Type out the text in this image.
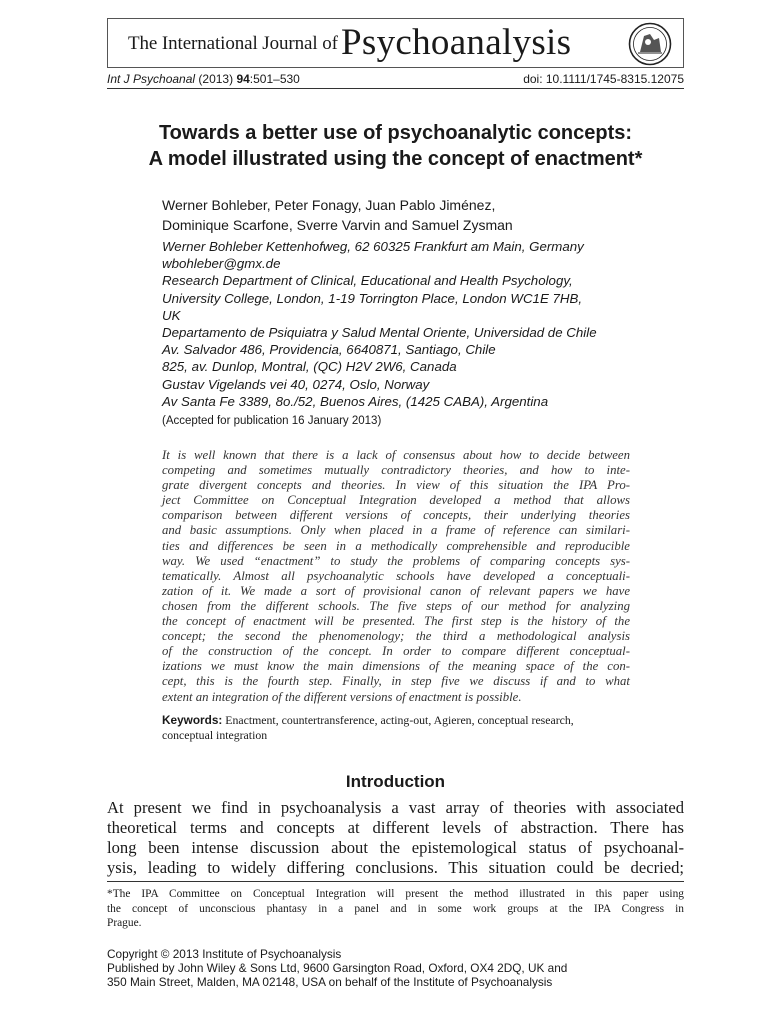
The International Journal of Psychoanalysis
Int J Psychoanal (2013) 94:501–530	doi: 10.1111/1745-8315.12075
Towards a better use of psychoanalytic concepts:
A model illustrated using the concept of enactment*
Werner Bohleber, Peter Fonagy, Juan Pablo Jiménez,
Dominique Scarfone, Sverre Varvin and Samuel Zysman
Werner Bohleber Kettenhofweg, 62 60325 Frankfurt am Main, Germany
wbohleber@gmx.de
Research Department of Clinical, Educational and Health Psychology,
University College, London, 1-19 Torrington Place, London WC1E 7HB,
UK
Departamento de Psiquiatra y Salud Mental Oriente, Universidad de Chile
Av. Salvador 486, Providencia, 6640871, Santiago, Chile
825, av. Dunlop, Montral, (QC) H2V 2W6, Canada
Gustav Vigelands vei 40, 0274, Oslo, Norway
Av Santa Fe 3389, 8o./52, Buenos Aires, (1425 CABA), Argentina
(Accepted for publication 16 January 2013)
It is well known that there is a lack of consensus about how to decide between
competing and sometimes mutually contradictory theories, and how to inte-
grate divergent concepts and theories. In view of this situation the IPA Pro-
ject Committee on Conceptual Integration developed a method that allows
comparison between different versions of concepts, their underlying theories
and basic assumptions. Only when placed in a frame of reference can similari-
ties and differences be seen in a methodically comprehensible and reproducible
way. We used “enactment” to study the problems of comparing concepts sys-
tematically. Almost all psychoanalytic schools have developed a conceptuali-
zation of it. We made a sort of provisional canon of relevant papers we have
chosen from the different schools. The five steps of our method for analyzing
the concept of enactment will be presented. The first step is the history of the
concept; the second the phenomenology; the third a methodological analysis
of the construction of the concept. In order to compare different conceptual-
izations we must know the main dimensions of the meaning space of the con-
cept, this is the fourth step. Finally, in step five we discuss if and to what
extent an integration of the different versions of enactment is possible.
Keywords: Enactment, countertransference, acting-out, Agieren, conceptual research,
conceptual integration
Introduction
At present we find in psychoanalysis a vast array of theories with associated
theoretical terms and concepts at different levels of abstraction. There has
long been intense discussion about the epistemological status of psychoanal-
ysis, leading to widely differing conclusions. This situation could be decried;
*The IPA Committee on Conceptual Integration will present the method illustrated in this paper using
the concept of unconscious phantasy in a panel and in some work groups at the IPA Congress in
Prague.
Copyright © 2013 Institute of Psychoanalysis
Published by John Wiley & Sons Ltd, 9600 Garsington Road, Oxford, OX4 2DQ, UK and
350 Main Street, Malden, MA 02148, USA on behalf of the Institute of Psychoanalysis
